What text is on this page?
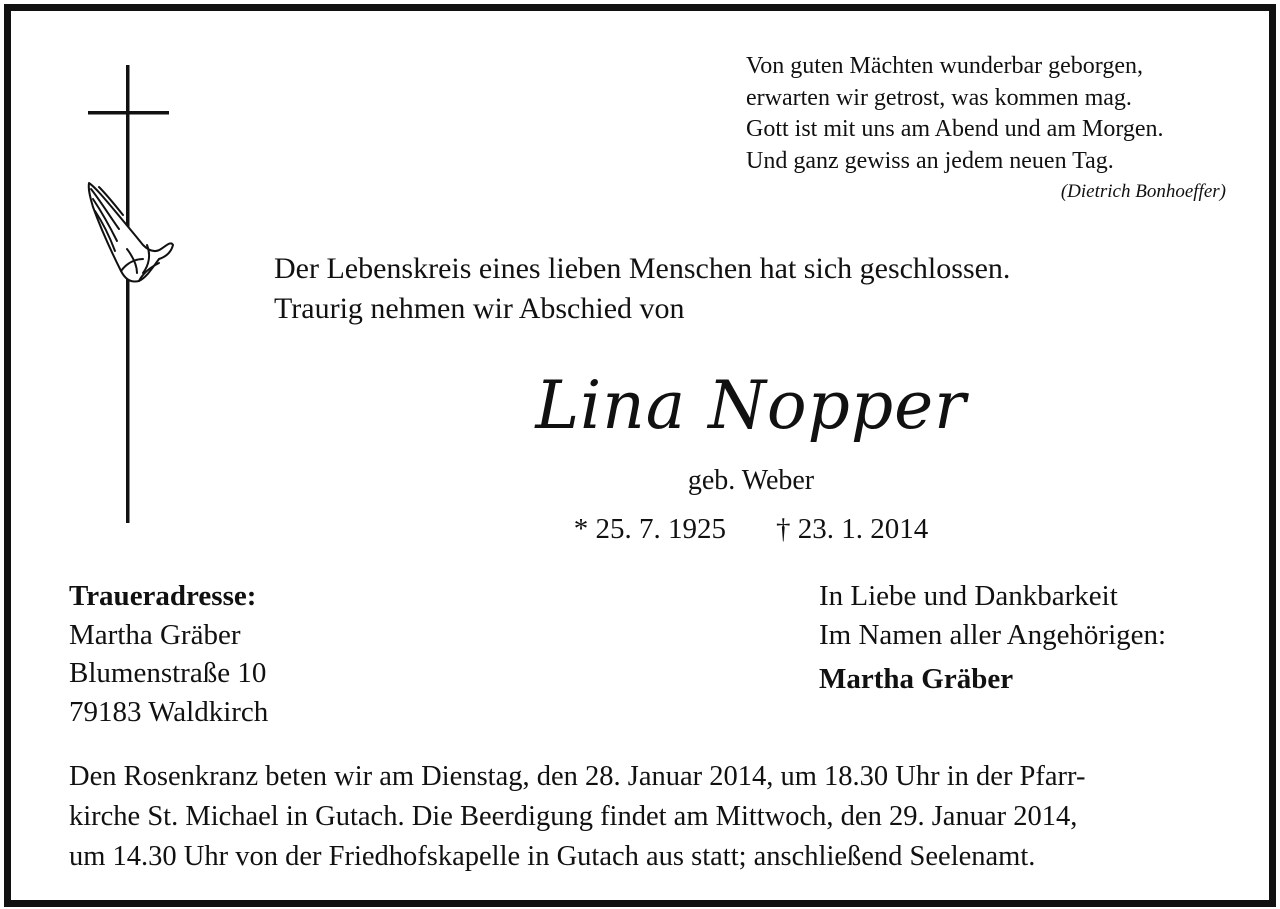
Von guten Mächten wunderbar geborgen,
erwarten wir getrost, was kommen mag.
Gott ist mit uns am Abend und am Morgen.
Und ganz gewiss an jedem neuen Tag.
(Dietrich Bonhoeffer)
Der Lebenskreis eines lieben Menschen hat sich geschlossen.
Traurig nehmen wir Abschied von
Lina Nopper
geb. Weber
* 25. 7. 1925 † 23. 1. 2014
Traueradresse:
Martha Gräber
Blumenstraße 10
79183 Waldkirch
In Liebe und Dankbarkeit
Im Namen aller Angehörigen:
Martha Gräber
Den Rosenkranz beten wir am Dienstag, den 28. Januar 2014, um 18.30 Uhr in der Pfarr-
kirche St. Michael in Gutach. Die Beerdigung findet am Mittwoch, den 29. Januar 2014,
um 14.30 Uhr von der Friedhofskapelle in Gutach aus statt; anschließend Seelenamt.
